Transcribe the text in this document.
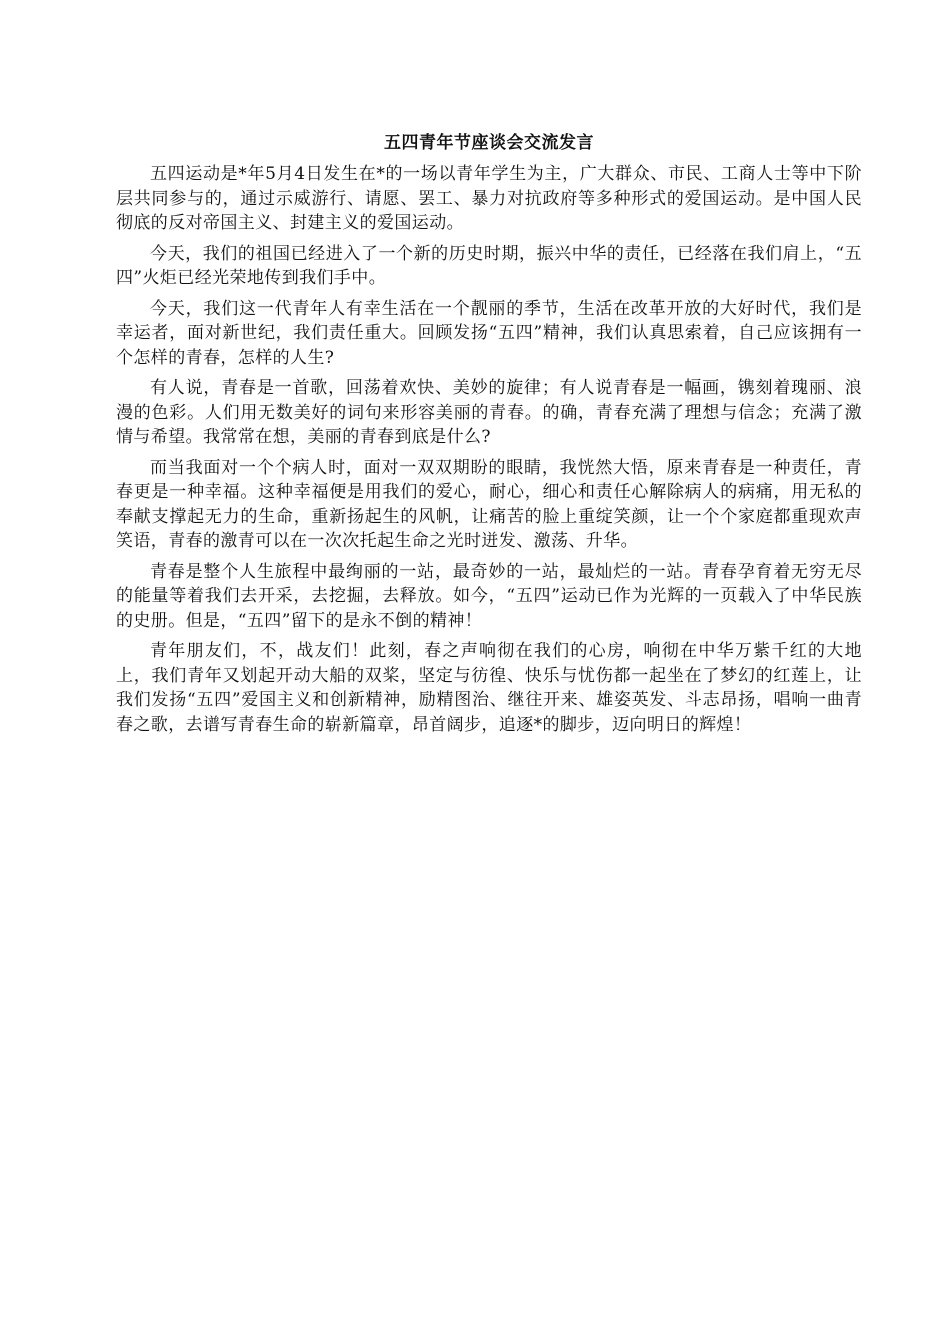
五四青年节座谈会交流发言

五四运动是*年5月4日发生在*的一场以青年学生为主，广大群众、市民、工商人士等中下阶层共同参与的，通过示威游行、请愿、罢工、暴力对抗政府等多种形式的爱国运动。是中国人民彻底的反对帝国主义、封建主义的爱国运动。

今天，我们的祖国已经进入了一个新的历史时期，振兴中华的责任，已经落在我们肩上，“五四”火炬已经光荣地传到我们手中。

今天，我们这一代青年人有幸生活在一个靓丽的季节，生活在改革开放的大好时代，我们是幸运者，面对新世纪，我们责任重大。回顾发扬“五四”精神，我们认真思索着，自己应该拥有一个怎样的青春，怎样的人生?

有人说，青春是一首歌，回荡着欢快、美妙的旋律；有人说青春是一幅画，镌刻着瑰丽、浪漫的色彩。人们用无数美好的词句来形容美丽的青春。的确，青春充满了理想与信念；充满了激情与希望。我常常在想，美丽的青春到底是什么?

而当我面对一个个病人时，面对一双双期盼的眼睛，我恍然大悟，原来青春是一种责任，青春更是一种幸福。这种幸福便是用我们的爱心，耐心，细心和责任心解除病人的病痛，用无私的奉献支撑起无力的生命，重新扬起生的风帆，让痛苦的脸上重绽笑颜，让一个个家庭都重现欢声笑语，青春的激青可以在一次次托起生命之光时迸发、激荡、升华。

青春是整个人生旅程中最绚丽的一站，最奇妙的一站，最灿烂的一站。青春孕育着无穷无尽的能量等着我们去开采，去挖掘，去释放。如今，“五四”运动已作为光辉的一页载入了中华民族的史册。但是，“五四”留下的是永不倒的精神！

青年朋友们，不，战友们！此刻，春之声响彻在我们的心房，响彻在中华万紫千红的大地上，我们青年又划起开动大船的双桨，坚定与彷徨、快乐与忧伤都一起坐在了梦幻的红莲上，让我们发扬“五四”爱国主义和创新精神，励精图治、继往开来、雄姿英发、斗志昂扬，唱响一曲青春之歌，去谱写青春生命的崭新篇章，昂首阔步，追逐*的脚步，迈向明日的辉煌！
